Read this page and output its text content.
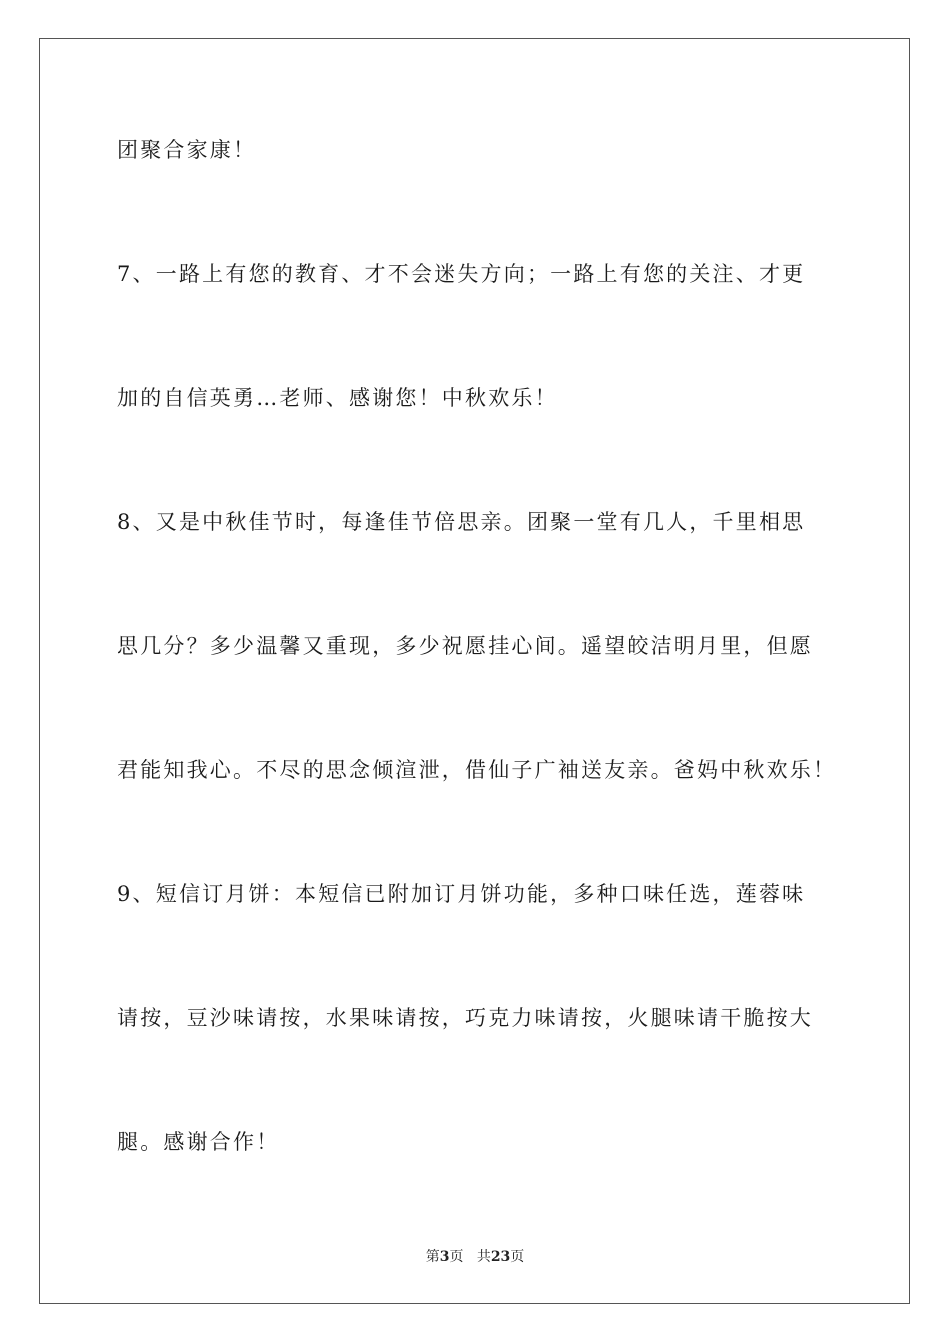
团聚合家康！
7、一路上有您的教育、才不会迷失方向；一路上有您的关注、才更
加的自信英勇…老师、感谢您！中秋欢乐！
8、又是中秋佳节时，每逢佳节倍思亲。团聚一堂有几人，千里相思
思几分？多少温馨又重现，多少祝愿挂心间。遥望皎洁明月里，但愿
君能知我心。不尽的思念倾渲泄，借仙子广袖送友亲。爸妈中秋欢乐！
9、短信订月饼：本短信已附加订月饼功能，多种口味任选，莲蓉味
请按，豆沙味请按，水果味请按，巧克力味请按，火腿味请干脆按大
腿。感谢合作！
第3页 共23页
